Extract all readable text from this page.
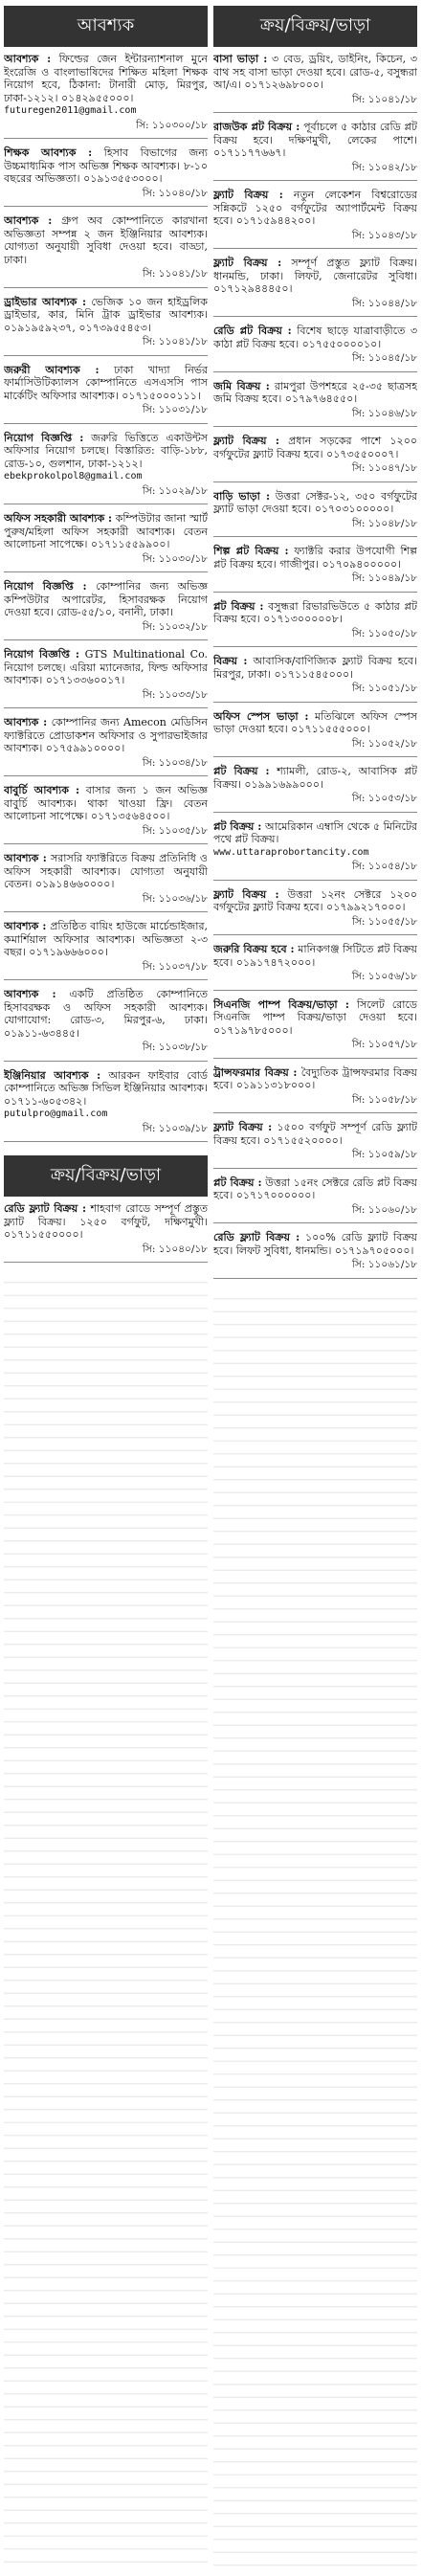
আবশ্যক
আবশ্যক : ফিল্ডের জেন ইন্টারন্যাশনাল মুনে ইংরেজি ও বাংলাভাষিদের শিক্ষিত মহিলা শিক্ষক নিয়োগ হবে, ঠিকানা: টানারী মোড়, মিরপুর, ঢাকা-১২১২। ০১৪২৯৫৫০০০।
futuregen2011@gmail.com
সি: ১১০৩০০/১৮
শিক্ষক আবশ্যক : হিসাব বিভাগের জন্য উচ্চমাধ্যমিক পাস অভিজ্ঞ শিক্ষক আবশ্যক। ৮-১০ বছরের অভিজ্ঞতা। ০১৯১৩৫৫৩০০০।
সি: ১১০৪০/১৮
আবশ্যক : গ্রুপ অব কোম্পানিতে কারখানা অভিজ্ঞতা সম্পন্ন ২ জন ইঞ্জিনিয়ার আবশ্যক। যোগ্যতা অনুযায়ী সুবিধা দেওয়া হবে। বাড্ডা, ঢাকা।
সি: ১১০৪১/১৮
ড্রাইভার আবশ্যক : ভেজিক ১০ জন হাইড্রলিক ড্রাইভার, কার, মিনি ট্রাক ড্রাইভার আবশ্যক। ০১৯১৯৫৯২৩৭, ০১৭৩৯৫৫৪৫৩।
সি: ১১০৪১/১৮
জরুরী আবশ্যক : ঢাকা খাদ্যা নির্ভর ফার্মাসিউটিক্যালস কোম্পানিতে এসএসসি পাস মার্কেটিং অফিসার আবশ্যক। ০১৭১৫০০০১১১।
সি: ১১০৩১/১৮
নিয়োগ বিজ্ঞপ্তি : জরুরি ভিত্তিতে একাউন্টস অফিসার নিয়োগ চলছে। বিস্তারিত: বাড়ি-১৮৮, রোড-১০, গুলশান, ঢাকা-১২১২।
ebekprokolpol8@gmail.com
সি: ১১০২৯/১৮
অফিস সহকারী আবশ্যক : কম্পিউটার জানা স্মার্ট পুরুষ/মহিলা অফিস সহকারী আবশ্যক। বেতন আলোচনা সাপেক্ষে। ০১৭১১৫৫৯৯০০।
সি: ১১০৩০/১৮
নিয়োগ বিজ্ঞপ্তি : কোম্পানির জন্য অভিজ্ঞ কম্পিউটার অপারেটর, হিসাবরক্ষক নিয়োগ দেওয়া হবে। রোড-৫৫/১০, বনানী, ঢাকা।
সি: ১১০৩২/১৮
নিয়োগ বিজ্ঞপ্তি : GTS Multinational Co. নিয়োগ চলছে। এরিয়া ম্যানেজার, ফিল্ড অফিসার আবশ্যক। ০১৭১৩৩৬০০১৭।
সি: ১১০৩৩/১৮
আবশ্যক : কোম্পানির জন্য Amecon মেডিসিন ফ্যাক্টরিতে প্রোডাকশন অফিসার ও সুপারভাইজার আবশ্যক। ০১৭৫৯৯১০০০০।
সি: ১১০৩৪/১৮
বাবুর্চি আবশ্যক : বাসার জন্য ১ জন অভিজ্ঞ বাবুর্চি আবশ্যক। থাকা খাওয়া ফ্রি। বেতন আলোচনা সাপেক্ষে। ০১৭১৩৫৬৪৫০০।
সি: ১১০৩৫/১৮
আবশ্যক : সরাসরি ফ্যাক্টরিতে বিক্রয় প্রতিনিধি ও অফিস সহকারী আবশ্যক। যোগ্যতা অনুযায়ী বেতন। ০১৯১৪৬৬০০০০।
সি: ১১০৩৬/১৮
আবশ্যক : প্রতিষ্ঠিত বায়িং হাউজে মার্চেন্ডাইজার, কমার্শিয়াল অফিসার আবশ্যক। অভিজ্ঞতা ২-৩ বছর। ০১৭১৯৬৬৬০০০।
সি: ১১০৩৭/১৮
আবশ্যক : একটি প্রতিষ্ঠিত কোম্পানিতে হিসাবরক্ষক ও অফিস সহকারী আবশ্যক। যোগাযোগ: রোড-৩, মিরপুর-৬, ঢাকা। ০১৯১১-৬৩৪৪৫।
সি: ১১০৩৮/১৮
ইঞ্জিনিয়ার আবশ্যক : আরকন ফাইবার বোর্ড কোম্পানিতে অভিজ্ঞ সিভিল ইঞ্জিনিয়ার আবশ্যক। ০১৭১১-৬০৫৩৪২।
putulpro@gmail.com
সি: ১১০৩৯/১৮
ক্রয়/বিক্রয়/ভাড়া
রেডি ফ্ল্যাট বিক্রয় : শাহবাগ রোডে সম্পূর্ণ প্রস্তুত ফ্ল্যাট বিক্রয়। ১২৫০ বর্গফুট, দক্ষিণমুখী। ০১৭১১৫৫০০০০।
সি: ১১০৪০/১৮
ক্রয়/বিক্রয়/ভাড়া
বাসা ভাড়া : ৩ বেড, ড্রয়িং, ডাইনিং, কিচেন, ৩ বাথ সহ বাসা ভাড়া দেওয়া হবে। রোড-৫, বসুন্ধরা আ/এ। ০১৭১২৬৯৮০০০।
সি: ১১০৪১/১৮
রাজউক প্লট বিক্রয় : পূর্বাচলে ৫ কাঠার রেডি প্লট বিক্রয় হবে। দক্ষিণমুখী, লেকের পাশে। ০১৭১১৭৭৬৬৭।
সি: ১১০৪২/১৮
ফ্ল্যাট বিক্রয় : নতুন লেকেশন বিশ্বরোডের সন্নিকটে ১২৫০ বর্গফুটের অ্যাপার্টমেন্ট বিক্রয় হবে। ০১৭১৫৯৪৪২০০।
সি: ১১০৪৩/১৮
ফ্ল্যাট বিক্রয় : সম্পূর্ণ প্রস্তুত ফ্ল্যাট বিক্রয়। ধানমন্ডি, ঢাকা। লিফট, জেনারেটর সুবিধা। ০১৭১২৯৪৪৪৫০।
সি: ১১০৪৪/১৮
রেডি প্লট বিক্রয় : বিশেষ ছাড়ে যাত্রাবাড়ীতে ৩ কাঠা প্লট বিক্রয় হবে। ০১৭৫৫০০০০১০।
সি: ১১০৪৫/১৮
জমি বিক্রয় : রামপুরা উপশহরে ২৫-৩৫ ছাত্রসহ জমি বিক্রয় হবে। ০১৭৯৭৬৪৫৫০।
সি: ১১০৪৬/১৮
ফ্ল্যাট বিক্রয় : প্রধান সড়কের পাশে ১২০০ বর্গফুটের ফ্ল্যাট বিক্রয় হবে। ০১৭৩৫৫০০০৭।
সি: ১১০৪৭/১৮
বাড়ি ভাড়া : উত্তরা সেক্টর-১২, ৩৫০ বর্গফুটের ফ্ল্যাট ভাড়া দেওয়া হবে। ০১৭০৩১০০০০০।
সি: ১১০৪৮/১৮
শিল্প প্লট বিক্রয় : ফ্যাক্টরি করার উপযোগী শিল্প প্লট বিক্রয় হবে। গাজীপুর। ০১৭০৯৪০০০০০।
সি: ১১০৪৯/১৮
প্লট বিক্রয় : বসুন্ধরা রিভারভিউতে ৫ কাঠার প্লট বিক্রয় হবে। ০১৭১৩০০০০০৮।
সি: ১১০৫০/১৮
বিক্রয় : আবাসিক/বাণিজ্যিক ফ্ল্যাট বিক্রয় হবে। মিরপুর, ঢাকা। ০১৭১১৫৪৫০০০।
সি: ১১০৫১/১৮
অফিস স্পেস ভাড়া : মতিঝিলে অফিস স্পেস ভাড়া দেওয়া হবে। ০১৭১১৫৫৫০০০।
সি: ১১০৫২/১৮
প্লট বিক্রয় : শ্যামলী, রোড-২, আবাসিক প্লট বিক্রয়। ০১৯৯১৬৯৯০০০।
সি: ১১০৫৩/১৮
প্লট বিক্রয় : আমেরিকান এম্বাসি থেকে ৫ মিনিটের পথে প্লট বিক্রয়।
www.uttaraprobortancity.com
সি: ১১০৫৪/১৮
ফ্ল্যাট বিক্রয় : উত্তরা ১২নং সেক্টরে ১২০০ বর্গফুটের ফ্ল্যাট বিক্রয় হবে। ০১৭৯৯২১৭০০০।
সি: ১১০৫৫/১৮
জরুরি বিক্রয় হবে : মানিকগঞ্জ সিটিতে প্লট বিক্রয় হবে। ০১৯১৭৪৭২০০০।
সি: ১১০৫৬/১৮
সিএনজি পাম্প বিক্রয়/ভাড়া : সিলেট রোডে সিএনজি পাম্প বিক্রয়/ভাড়া দেওয়া হবে। ০১৭১৯৭৮৫০০০।
সি: ১১০৫৭/১৮
ট্রান্সফরমার বিক্রয় : বৈদ্যুতিক ট্রান্সফরমার বিক্রয় হবে। ০১৯১১৩১৮০০০।
সি: ১১০৫৮/১৮
ফ্ল্যাট বিক্রয় : ১৫০০ বর্গফুট সম্পূর্ণ রেডি ফ্ল্যাট বিক্রয় হবে। ০১৭১৫৫২০০০০।
সি: ১১০৫৯/১৮
প্লট বিক্রয় : উত্তরা ১৫নং সেক্টরে রেডি প্লট বিক্রয় হবে। ০১৭১৭০০০০০০।
সি: ১১০৬০/১৮
রেডি ফ্ল্যাট বিক্রয় : ১০০% রেডি ফ্ল্যাট বিক্রয় হবে। লিফট সুবিধা, ধানমন্ডি। ০১৭১৯৭০৫০০০।
সি: ১১০৬১/১৮
